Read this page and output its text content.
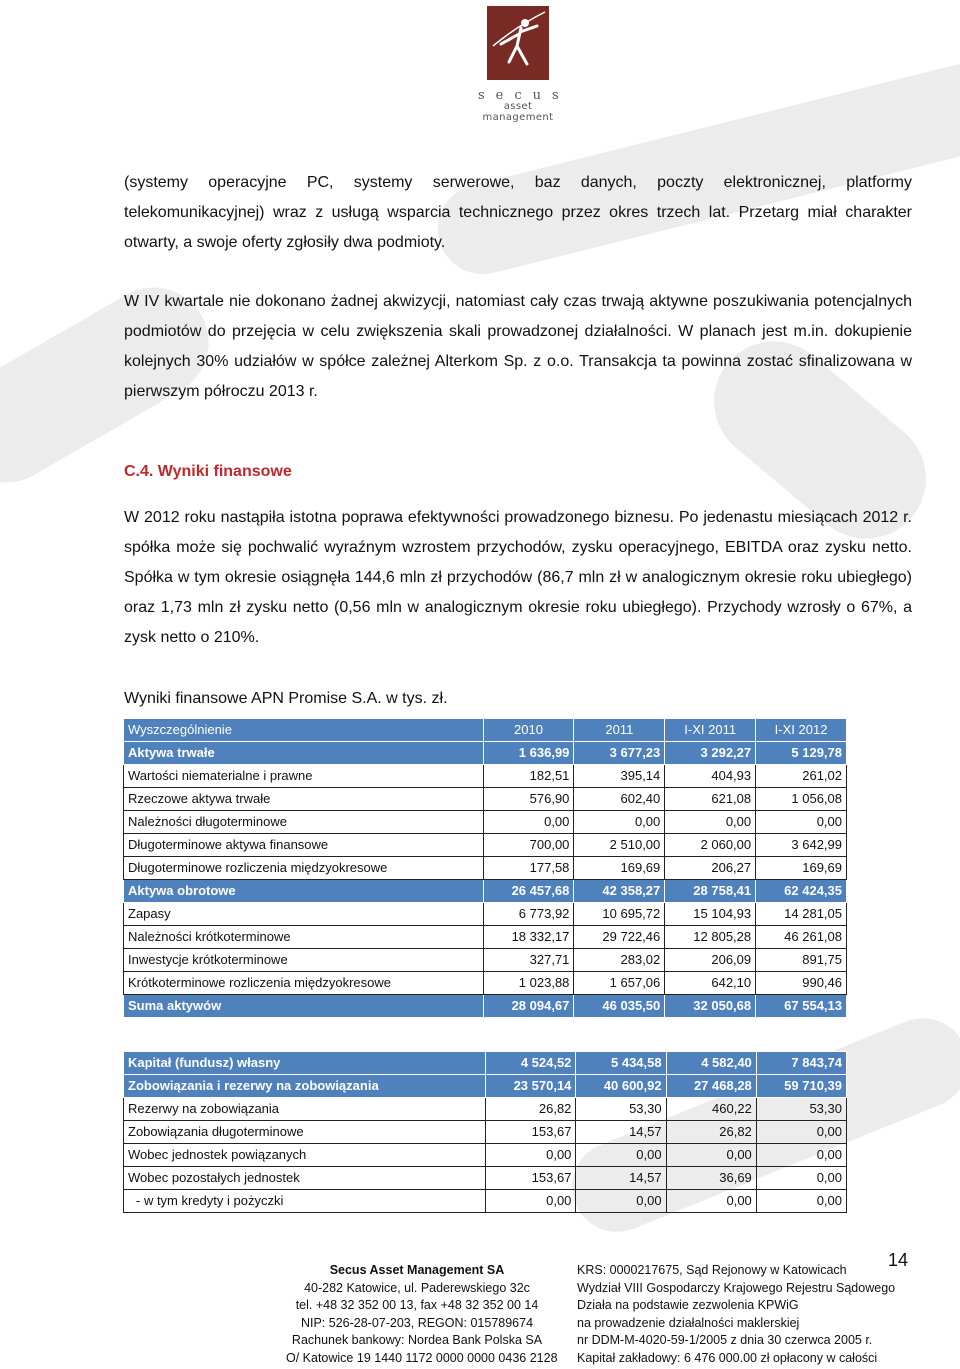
secus
asset management
(systemy operacyjne PC, systemy serwerowe, baz danych, poczty elektronicznej, platformy telekomunikacyjnej) wraz z usługą wsparcia technicznego przez okres trzech lat. Przetarg miał charakter otwarty, a swoje oferty zgłosiły dwa podmioty.
W IV kwartale nie dokonano żadnej akwizycji, natomiast cały czas trwają aktywne poszukiwania potencjalnych podmiotów do przejęcia w celu zwiększenia skali prowadzonej działalności. W planach jest m.in. dokupienie kolejnych 30% udziałów w spółce zależnej Alterkom Sp. z o.o. Transakcja ta powinna zostać sfinalizowana w pierwszym półroczu 2013 r.
C.4. Wyniki finansowe
W 2012 roku nastąpiła istotna poprawa efektywności prowadzonego biznesu. Po jedenastu miesiącach 2012 r. spółka może się pochwalić wyraźnym wzrostem przychodów, zysku operacyjnego, EBITDA oraz zysku netto. Spółka w tym okresie osiągnęła 144,6 mln zł przychodów (86,7 mln zł w analogicznym okresie roku ubiegłego) oraz 1,73 mln zł zysku netto (0,56 mln w analogicznym okresie roku ubiegłego). Przychody wzrosły o 67%, a zysk netto o 210%.
Wyniki finansowe APN Promise S.A. w tys. zł.
Wyszczególnienie	2010	2011	I-XI 2011	I-XI 2012
Aktywa trwałe	1 636,99	3 677,23	3 292,27	5 129,78
Wartości niematerialne i prawne	182,51	395,14	404,93	261,02
Rzeczowe aktywa trwałe	576,90	602,40	621,08	1 056,08
Należności długoterminowe	0,00	0,00	0,00	0,00
Długoterminowe aktywa finansowe	700,00	2 510,00	2 060,00	3 642,99
Długoterminowe rozliczenia międzyokresowe	177,58	169,69	206,27	169,69
Aktywa obrotowe	26 457,68	42 358,27	28 758,41	62 424,35
Zapasy	6 773,92	10 695,72	15 104,93	14 281,05
Należności krótkoterminowe	18 332,17	29 722,46	12 805,28	46 261,08
Inwestycje krótkoterminowe	327,71	283,02	206,09	891,75
Krótkoterminowe rozliczenia międzyokresowe	1 023,88	1 657,06	642,10	990,46
Suma aktywów	28 094,67	46 035,50	32 050,68	67 554,13
Kapitał (fundusz) własny	4 524,52	5 434,58	4 582,40	7 843,74
Zobowiązania i rezerwy na zobowiązania	23 570,14	40 600,92	27 468,28	59 710,39
Rezerwy na zobowiązania	26,82	53,30	460,22	53,30
Zobowiązania długoterminowe	153,67	14,57	26,82	0,00
Wobec jednostek powiązanych	0,00	0,00	0,00	0,00
Wobec pozostałych jednostek	153,67	14,57	36,69	0,00
- w tym kredyty i pożyczki	0,00	0,00	0,00	0,00
Secus Asset Management SA
40-282 Katowice, ul. Paderewskiego 32c
tel. +48 32 352 00 13, fax +48 32 352 00 14
NIP: 526-28-07-203, REGON: 015789674
Rachunek bankowy: Nordea Bank Polska SA
O/ Katowice 19 1440 1172 0000 0000 0436 2128
KRS: 0000217675, Sąd Rejonowy w Katowicach
Wydział VIII Gospodarczy Krajowego Rejestru Sądowego
Działa na podstawie zezwolenia KPWiG
na prowadzenie działalności maklerskiej
nr DDM-M-4020-59-1/2005 z dnia 30 czerwca 2005 r.
Kapitał zakładowy: 6 476 000.00 zł opłacony w całości
14
